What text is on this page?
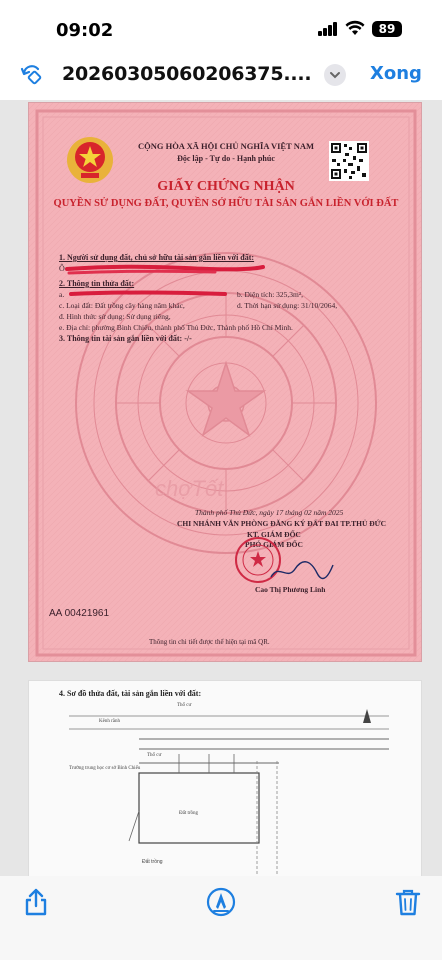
09:02	89
20260305060206375....	Xong
CỘNG HÒA XÃ HỘI CHỦ NGHĨA VIỆT NAM
Độc lập - Tự do - Hạnh phúc
GIẤY CHỨNG NHẬN
QUYỀN SỬ DỤNG ĐẤT, QUYỀN SỞ HỮU TÀI SẢN GẮN LIỀN VỚI ĐẤT
1. Người sử dụng đất, chủ sở hữu tài sản gắn liền với đất:
Ô
2. Thông tin thửa đất:
a.	b. Diện tích: 325,3m²,
c. Loại đất: Đất trồng cây hàng năm khác,	d. Thời hạn sử dụng: 31/10/2064,
đ. Hình thức sử dụng: Sử dụng riêng,
e. Địa chỉ: phường Bình Chiểu, thành phố Thủ Đức, Thành phố Hồ Chí Minh.
3. Thông tin tài sản gắn liền với đất: -/-
chợTốt
Thành phố Thủ Đức, ngày 17 tháng 02 năm 2025
CHI NHÁNH VĂN PHÒNG ĐĂNG KÝ ĐẤT ĐAI TP.THỦ ĐỨC
KT. GIÁM ĐỐC
PHÓ GIÁM ĐỐC
Cao Thị Phương Linh
AA 00421961
Thông tin chi tiết được thể hiện tại mã QR.
4. Sơ đồ thửa đất, tài sản gắn liền với đất:
Đất trồng
Thổ cư
Kênh rãnh
Đất trồng
Thổ cư
Trường trung học cơ sở Bình Chiểu
